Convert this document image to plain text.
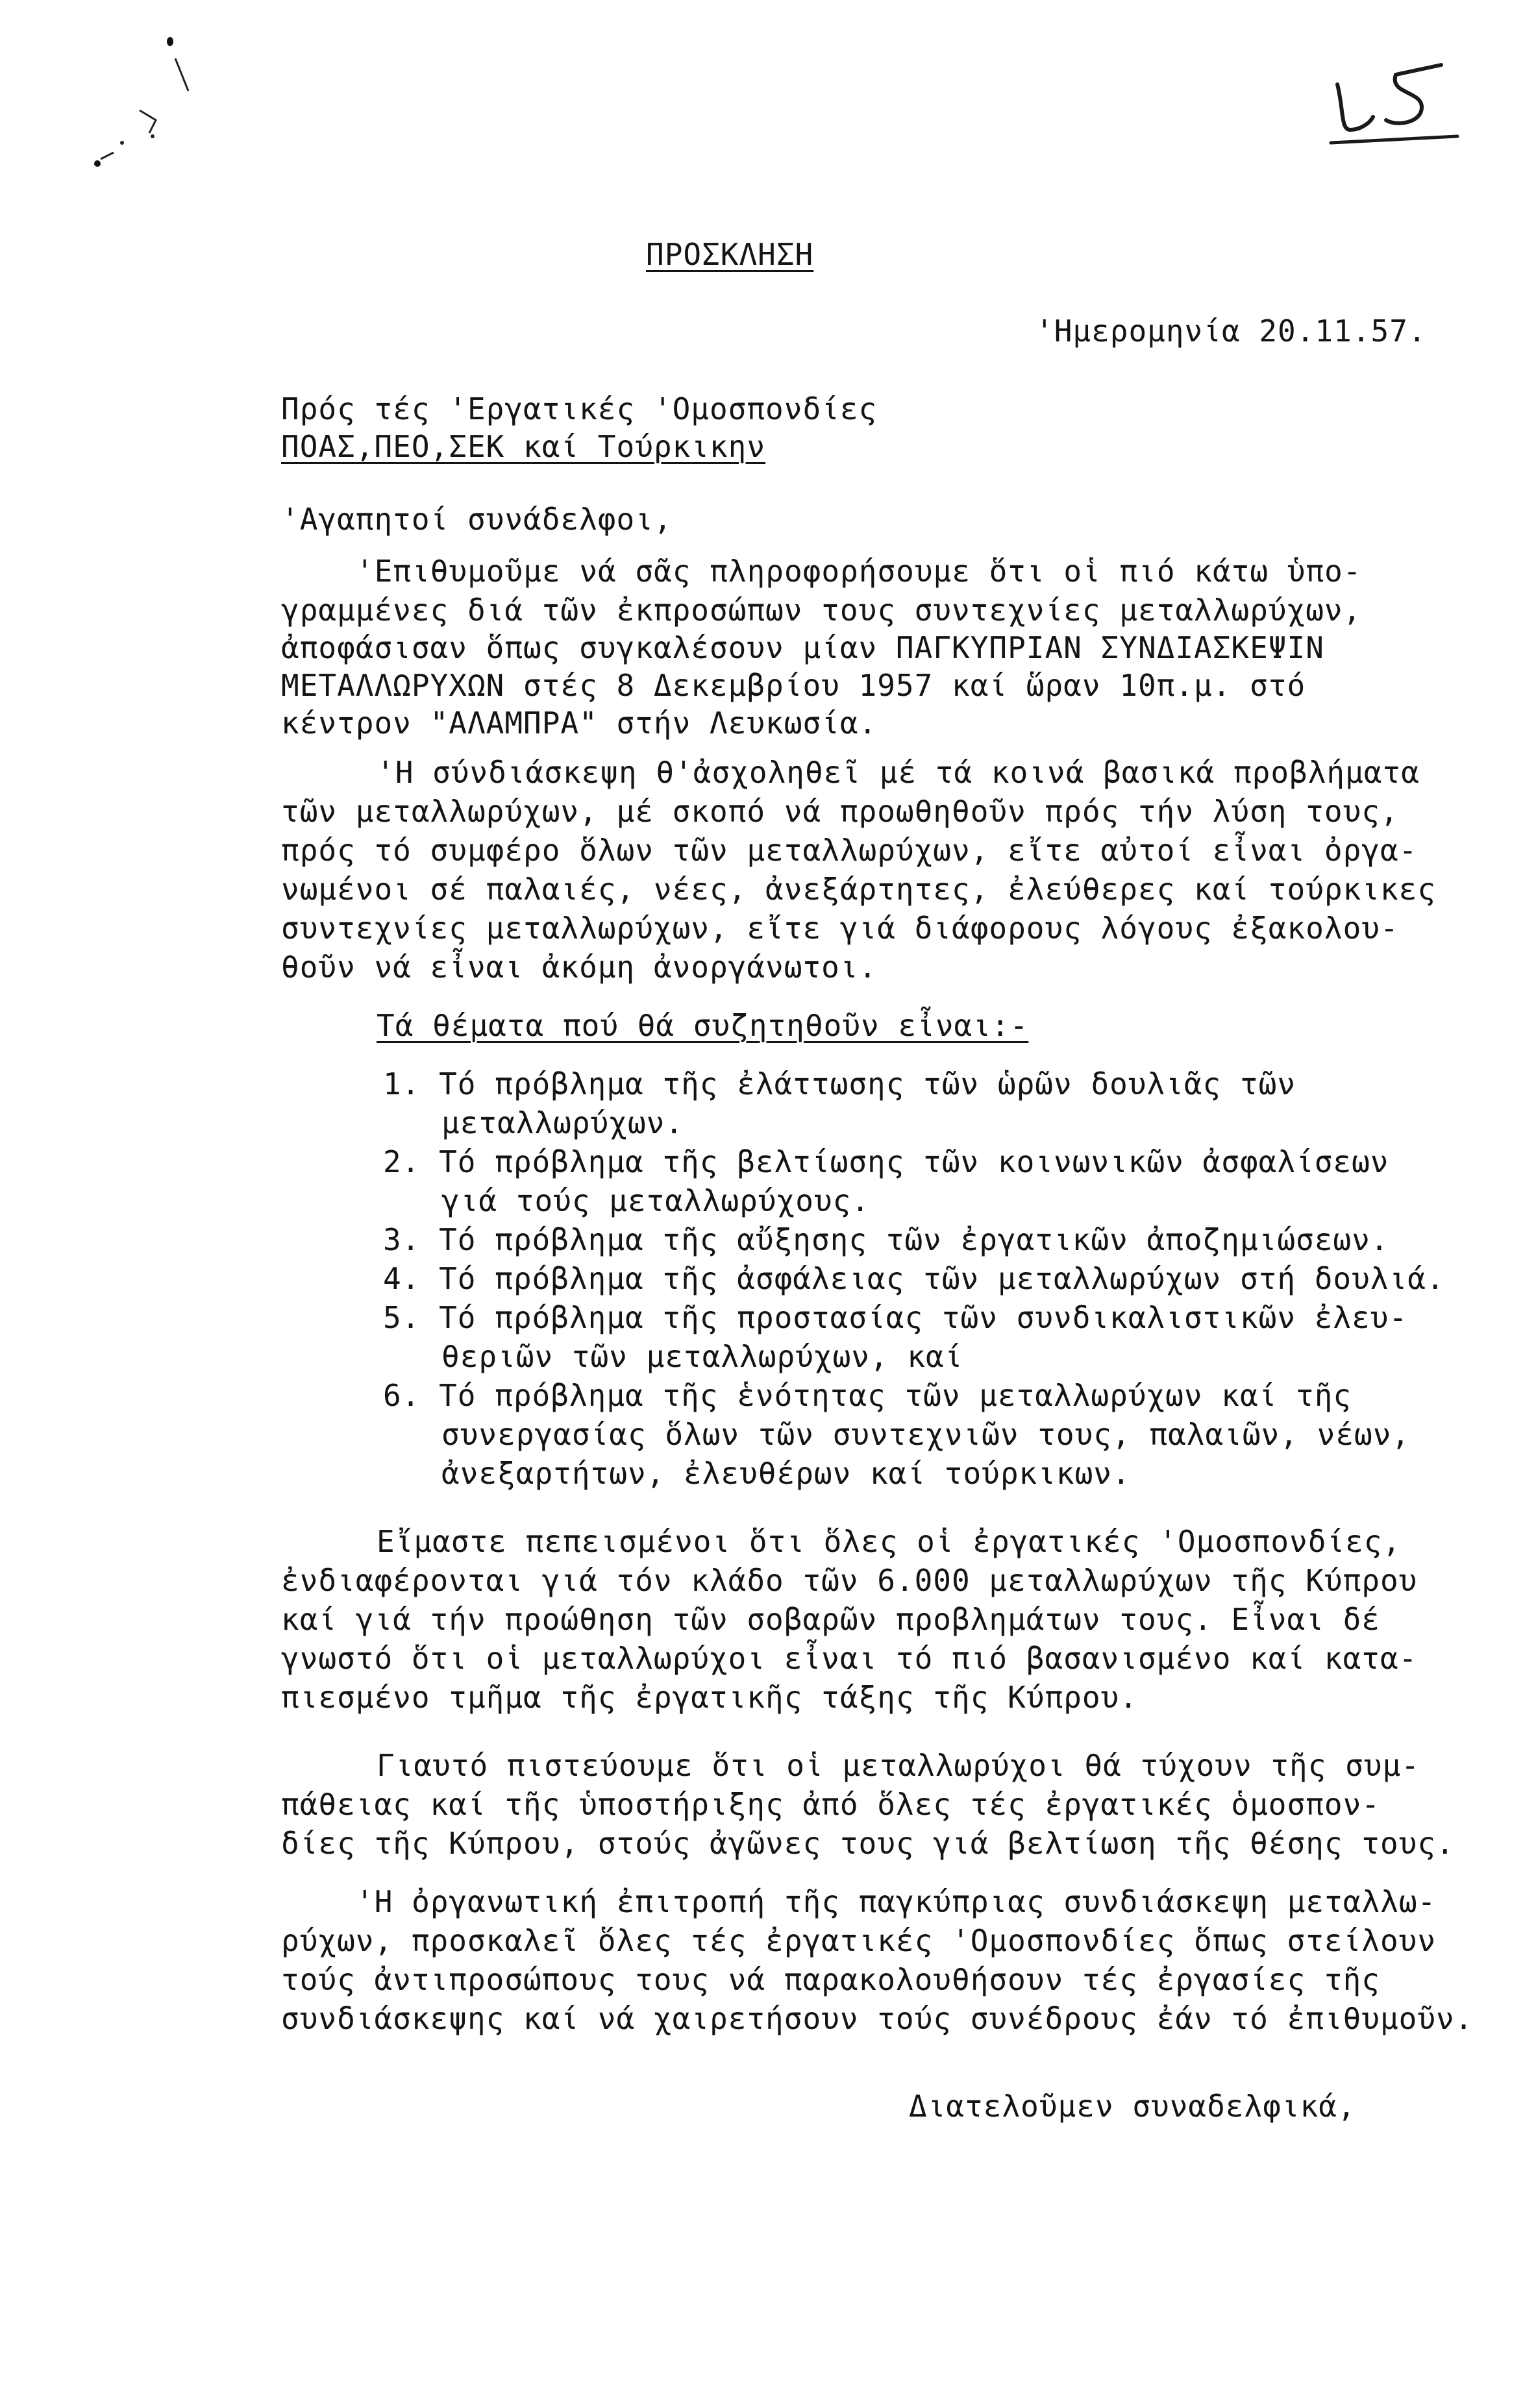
ΠΡΟΣΚΛΗΣΗ
'Ημερομηνία 20.11.57.
Πρός τές 'Εργατικές 'Ομοσπονδίες
ΠΟΑΣ,ΠΕΟ,ΣΕΚ καί Τούρκικην
'Αγαπητοί συνάδελφοι,
'Επιθυμοῦμε νά σᾶς πληροφορήσουμε ὅτι οἱ πιό κάτω ὑπο-
γραμμένες διά τῶν ἐκπροσώπων τους συντεχνίες μεταλλωρύχων,
ἀποφάσισαν ὅπως συγκαλέσουν μίαν ΠΑΓΚΥΠΡΙΑΝ ΣΥΝΔΙΑΣΚΕΨΙΝ
ΜΕΤΑΛΛΩΡΥΧΩΝ στές 8 Δεκεμβρίου 1957 καί ὥραν 10π.μ. στό
κέντρον "ΑΛΑΜΠΡΑ" στήν Λευκωσία.
'Η σύνδιάσκεψη θ'ἀσχοληθεῖ μέ τά κοινά βασικά προβλήματα
τῶν μεταλλωρύχων, μέ σκοπό νά προωθηθοῦν πρός τήν λύση τους,
πρός τό συμφέρο ὅλων τῶν μεταλλωρύχων, εἴτε αὐτοί εἶναι ὀργα-
νωμένοι σέ παλαιές, νέες, ἀνεξάρτητες, ἐλεύθερες καί τούρκικες
συντεχνίες μεταλλωρύχων, εἴτε γιά διάφορους λόγους ἐξακολου-
θοῦν νά εἶναι ἀκόμη ἀνοργάνωτοι.
Τά θέματα πού θά συζητηθοῦν εἶναι:-
1. Τό πρόβλημα τῆς ἐλάττωσης τῶν ὡρῶν δουλιᾶς τῶν
μεταλλωρύχων.
2. Τό πρόβλημα τῆς βελτίωσης τῶν κοινωνικῶν ἀσφαλίσεων
γιά τούς μεταλλωρύχους.
3. Τό πρόβλημα τῆς αὔξησης τῶν ἐργατικῶν ἀποζημιώσεων.
4. Τό πρόβλημα τῆς ἀσφάλειας τῶν μεταλλωρύχων στή δουλιά.
5. Τό πρόβλημα τῆς προστασίας τῶν συνδικαλιστικῶν ἐλευ-
θεριῶν τῶν μεταλλωρύχων, καί
6. Τό πρόβλημα τῆς ἑνότητας τῶν μεταλλωρύχων καί τῆς
συνεργασίας ὅλων τῶν συντεχνιῶν τους, παλαιῶν, νέων,
ἀνεξαρτήτων, ἐλευθέρων καί τούρκικων.
Εἴμαστε πεπεισμένοι ὅτι ὅλες οἱ ἐργατικές 'Ομοσπονδίες,
ἐνδιαφέρονται γιά τόν κλάδο τῶν 6.000 μεταλλωρύχων τῆς Κύπρου
καί γιά τήν προώθηση τῶν σοβαρῶν προβλημάτων τους. Εἶναι δέ
γνωστό ὅτι οἱ μεταλλωρύχοι εἶναι τό πιό βασανισμένο καί κατα-
πιεσμένο τμῆμα τῆς ἐργατικῆς τάξης τῆς Κύπρου.
Γιαυτό πιστεύουμε ὅτι οἱ μεταλλωρύχοι θά τύχουν τῆς συμ-
πάθειας καί τῆς ὑποστήριξης ἀπό ὅλες τές ἐργατικές ὁμοσπον-
δίες τῆς Κύπρου, στούς ἀγῶνες τους γιά βελτίωση τῆς θέσης τους.
'Η ὀργανωτική ἐπιτροπή τῆς παγκύπριας συνδιάσκεψη μεταλλω-
ρύχων, προσκαλεῖ ὅλες τές ἐργατικές 'Ομοσπονδίες ὅπως στείλουν
τούς ἀντιπροσώπους τους νά παρακολουθήσουν τές ἐργασίες τῆς
συνδιάσκεψης καί νά χαιρετήσουν τούς συνέδρους ἐάν τό ἐπιθυμοῦν.
Διατελοῦμεν συναδελφικά,
